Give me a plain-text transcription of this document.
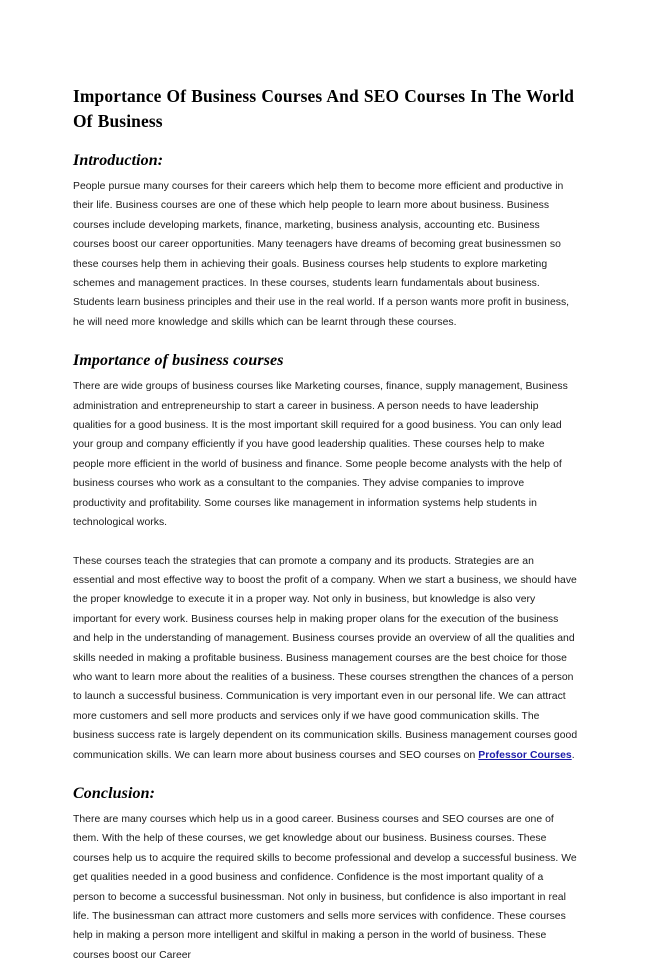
Importance Of Business Courses And SEO Courses In The World Of Business
Introduction:

People pursue many courses for their careers which help them to become more efficient and productive in their life. Business courses are one of these which help people to learn more about business. Business courses include developing markets, finance, marketing, business analysis, accounting etc. Business courses boost our career opportunities. Many teenagers have dreams of becoming great businessmen so these courses help them in achieving their goals. Business courses help students to explore marketing schemes and management practices. In these courses, students learn fundamentals about business. Students learn business principles and their use in the real world. If a person wants more profit in business, he will need more knowledge and skills which can be learnt through these courses.

Importance of business courses

There are wide groups of business courses like Marketing courses, finance, supply management, Business administration and entrepreneurship to start a career in business. A person needs to have leadership qualities for a good business. It is the most important skill required for a good business. You can only lead your group and company efficiently if you have good leadership qualities. These courses help to make people more efficient in the world of business and finance. Some people become analysts with the help of business courses who work as a consultant to the companies. They advise companies to improve productivity and profitability. Some courses like management in information systems help students in technological works.

These courses teach the strategies that can promote a company and its products. Strategies are an essential and most effective way to boost the profit of a company. When we start a business, we should have the proper knowledge to execute it in a proper way. Not only in business, but knowledge is also very important for every work. Business courses help in making proper olans for the execution of the business and help in the understanding of management. Business courses provide an overview of all the qualities and skills needed in making a profitable business. Business management courses are the best choice for those who want to learn more about the realities of a business. These courses strengthen the chances of a person to launch a successful business. Communication is very important even in our personal life. We can attract more customers and sell more products and services only if we have good communication skills. The business success rate is largely dependent on its communication skills. Business management courses good communication skills. We can learn more about business courses and SEO courses on Professor Courses.

Conclusion:

There are many courses which help us in a good career. Business courses and SEO courses are one of them. With the help of these courses, we get knowledge about our business. Business courses. These courses help us to acquire the required skills to become professional and develop a successful business. We get qualities needed in a good business and confidence. Confidence is the most important quality of a person to become a successful businessman. Not only in business, but confidence is also important in real life. The businessman can attract more customers and sells more services with confidence. These courses help in making a person more intelligent and skilful in making a person in the world of business. These courses boost our Career
